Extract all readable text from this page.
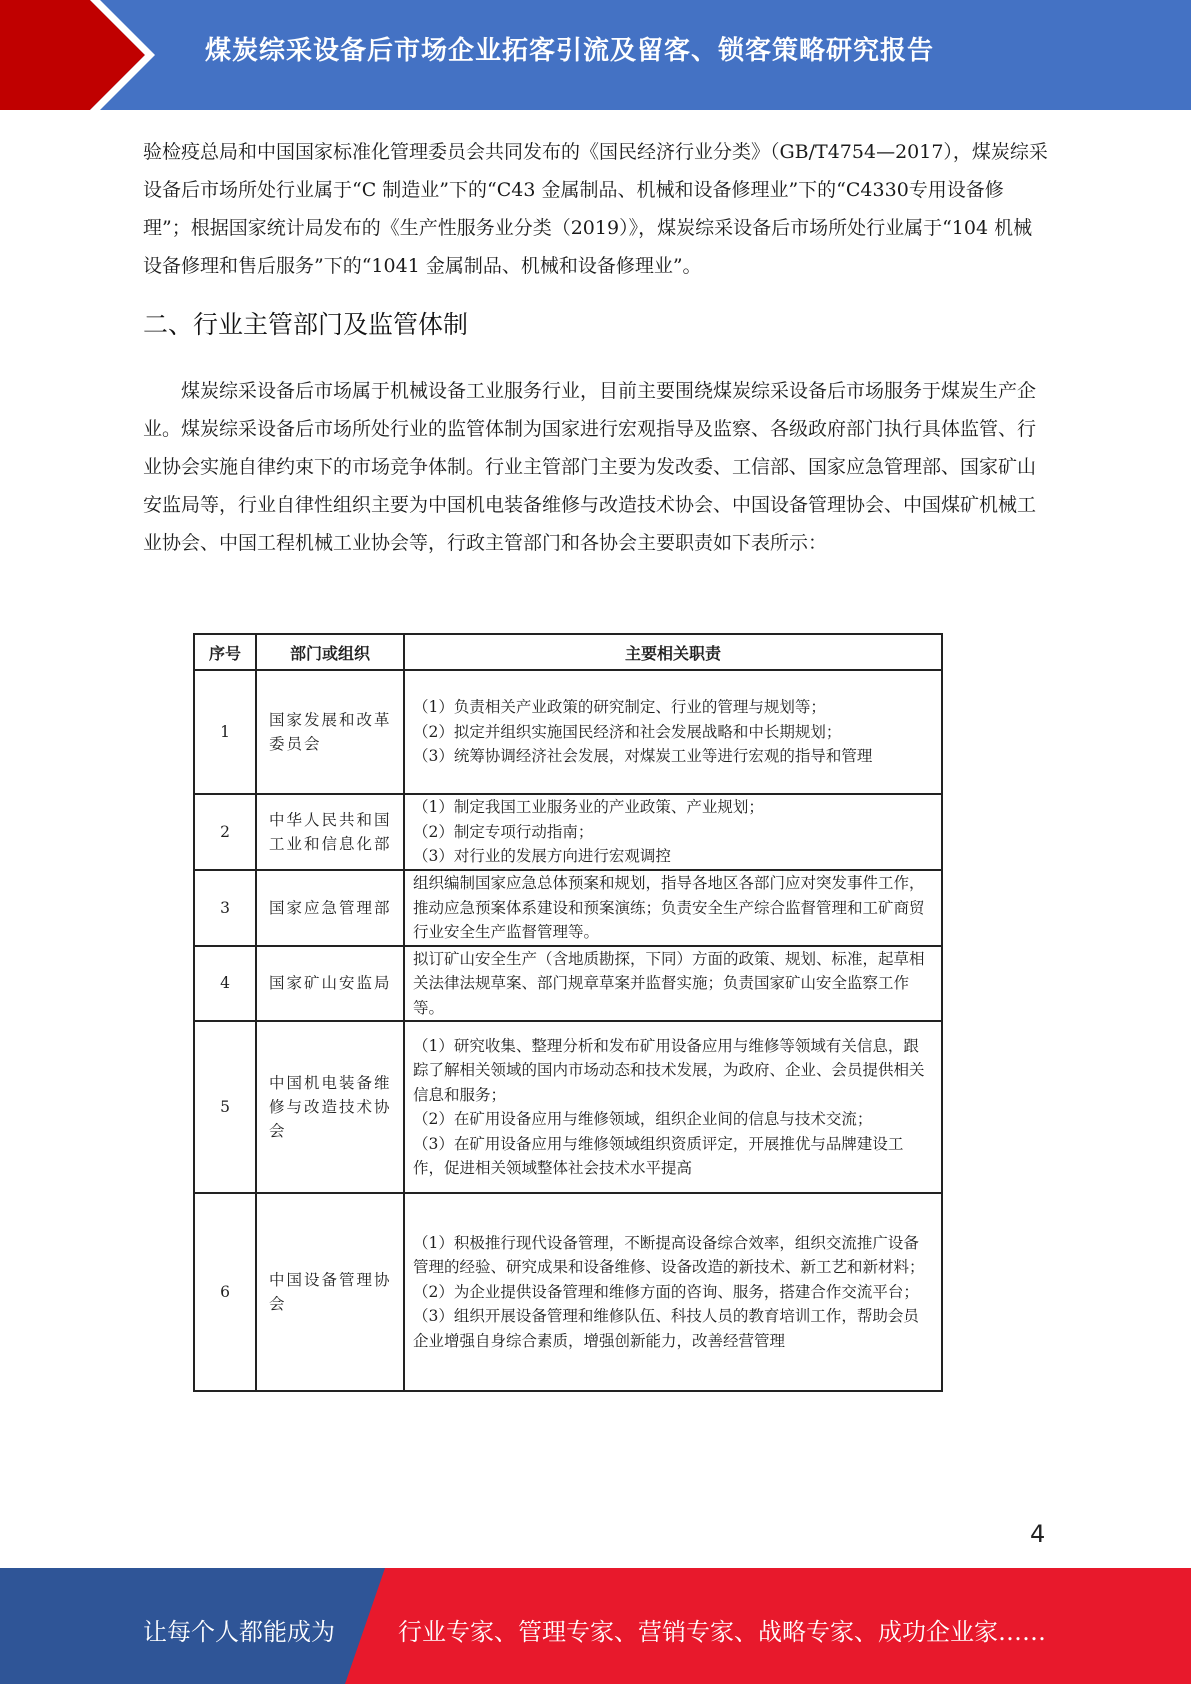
煤炭综采设备后市场企业拓客引流及留客、锁客策略研究报告

验检疫总局和中国国家标准化管理委员会共同发布的《国民经济行业分类》（GB/T4754—2017），煤炭综采设备后市场所处行业属于“C 制造业”下的“C43 金属制品、机械和设备修理业”下的“C4330专用设备修理”；根据国家统计局发布的《生产性服务业分类（2019）》，煤炭综采设备后市场所处行业属于“104 机械设备修理和售后服务”下的“1041 金属制品、机械和设备修理业”。

二、行业主管部门及监管体制

煤炭综采设备后市场属于机械设备工业服务行业，目前主要围绕煤炭综采设备后市场服务于煤炭生产企业。煤炭综采设备后市场所处行业的监管体制为国家进行宏观指导及监察、各级政府部门执行具体监管、行业协会实施自律约束下的市场竞争体制。行业主管部门主要为发改委、工信部、国家应急管理部、国家矿山安监局等，行业自律性组织主要为中国机电装备维修与改造技术协会、中国设备管理协会、中国煤矿机械工业协会、中国工程机械工业协会等，行政主管部门和各协会主要职责如下表所示：

序号	部门或组织	主要相关职责
1	国家发展和改革委员会	（1）负责相关产业政策的研究制定、行业的管理与规划等；
（2）拟定并组织实施国民经济和社会发展战略和中长期规划；
（3）统筹协调经济社会发展，对煤炭工业等进行宏观的指导和管理

2	中华人民共和国工业和信息化部	（1）制定我国工业服务业的产业政策、产业规划；
（2）制定专项行动指南；
（3）对行业的发展方向进行宏观调控

3	国家应急管理部	组织编制国家应急总体预案和规划，指导各地区各部门应对突发事件工作，推动应急预案体系建设和预案演练；负责安全生产综合监督管理和工矿商贸行业安全生产监督管理等。

4	国家矿山安监局	拟订矿山安全生产（含地质勘探，下同）方面的政策、规划、标准，起草相关法律法规草案、部门规章草案并监督实施；负责国家矿山安全监察工作等。

5	中国机电装备维修与改造技术协会	（1）研究收集、整理分析和发布矿用设备应用与维修等领域有关信息，跟踪了解相关领域的国内市场动态和技术发展，为政府、企业、会员提供相关信息和服务；
（2）在矿用设备应用与维修领域，组织企业间的信息与技术交流；
（3）在矿用设备应用与维修领域组织资质评定，开展推优与品牌建设工作，促进相关领域整体社会技术水平提高

6	中国设备管理协会	（1）积极推行现代设备管理，不断提高设备综合效率，组织交流推广设备管理的经验、研究成果和设备维修、设备改造的新技术、新工艺和新材料；
（2）为企业提供设备管理和维修方面的咨询、服务，搭建合作交流平台；
（3）组织开展设备管理和维修队伍、科技人员的教育培训工作，帮助会员企业增强自身综合素质，增强创新能力，改善经营管理
4
让每个人都能成为	行业专家、管理专家、营销专家、战略专家、成功企业家……
